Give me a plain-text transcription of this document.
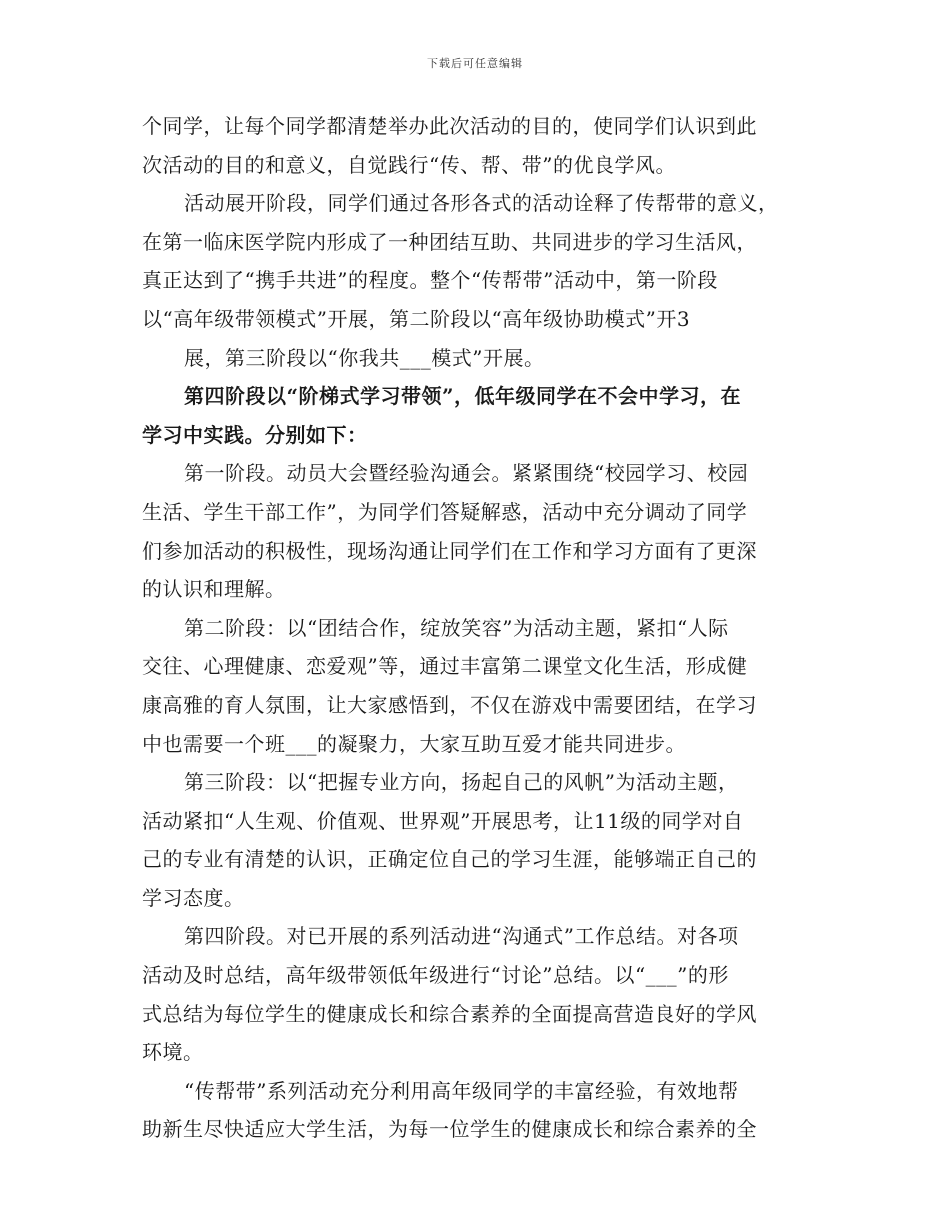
下载后可任意编辑
个同学，让每个同学都清楚举办此次活动的目的，使同学们认识到此
次活动的目的和意义，自觉践行“传、帮、带”的优良学风。
活动展开阶段，同学们通过各形各式的活动诠释了传帮带的意义，
在第一临床医学院内形成了一种团结互助、共同进步的学习生活风，
真正达到了“携手共进”的程度。整个“传帮带”活动中，第一阶段
以“高年级带领模式”开展，第二阶段以“高年级协助模式”开3
展，第三阶段以“你我共___模式”开展。
第四阶段以“阶梯式学习带领”，低年级同学在不会中学习，在
学习中实践。分别如下：
第一阶段。动员大会暨经验沟通会。紧紧围绕“校园学习、校园
生活、学生干部工作”，为同学们答疑解惑，活动中充分调动了同学
们参加活动的积极性，现场沟通让同学们在工作和学习方面有了更深
的认识和理解。
第二阶段：以“团结合作，绽放笑容”为活动主题，紧扣“人际
交往、心理健康、恋爱观”等，通过丰富第二课堂文化生活，形成健
康高雅的育人氛围，让大家感悟到，不仅在游戏中需要团结，在学习
中也需要一个班___的凝聚力，大家互助互爱才能共同进步。
第三阶段：以“把握专业方向，扬起自己的风帆”为活动主题，
活动紧扣“人生观、价值观、世界观”开展思考，让11级的同学对自
己的专业有清楚的认识，正确定位自己的学习生涯，能够端正自己的
学习态度。
第四阶段。对已开展的系列活动进“沟通式”工作总结。对各项
活动及时总结，高年级带领低年级进行“讨论”总结。以“___”的形
式总结为每位学生的健康成长和综合素养的全面提高营造良好的学风
环境。
“传帮带”系列活动充分利用高年级同学的丰富经验，有效地帮
助新生尽快适应大学生活，为每一位学生的健康成长和综合素养的全
